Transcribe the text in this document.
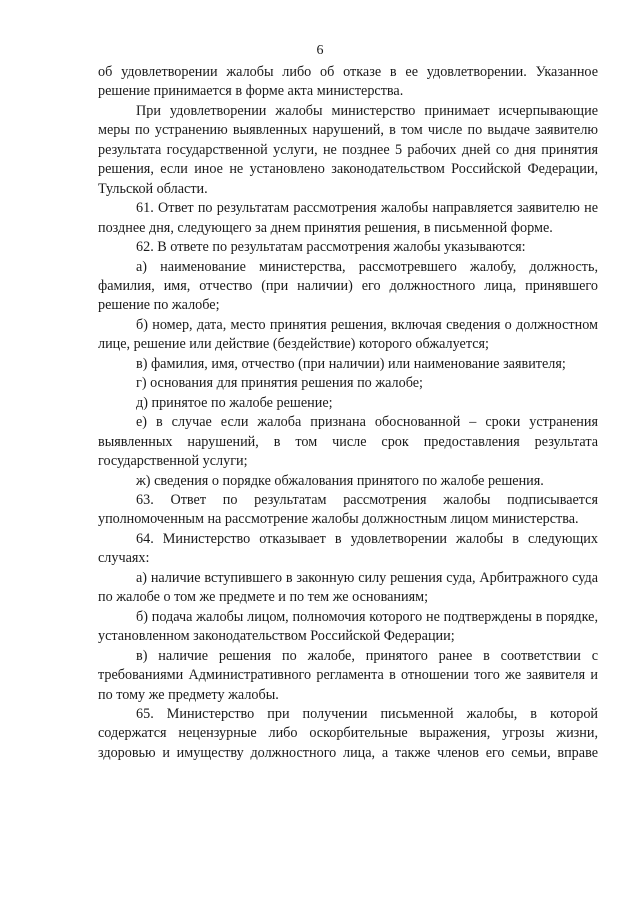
6

об удовлетворении жалобы либо об отказе в ее удовлетворении. Указанное решение принимается в форме акта министерства.

При удовлетворении жалобы министерство принимает исчерпывающие меры по устранению выявленных нарушений, в том числе по выдаче заявителю результата государственной услуги, не позднее 5 рабочих дней со дня принятия решения, если иное не установлено законодательством Российской Федерации, Тульской области.

61. Ответ по результатам рассмотрения жалобы направляется заявителю не позднее дня, следующего за днем принятия решения, в письменной форме.

62. В ответе по результатам рассмотрения жалобы указываются:

а) наименование министерства, рассмотревшего жалобу, должность, фамилия, имя, отчество (при наличии) его должностного лица, принявшего решение по жалобе;

б) номер, дата, место принятия решения, включая сведения о должностном лице, решение или действие (бездействие) которого обжалуется;

в) фамилия, имя, отчество (при наличии) или наименование заявителя;

г) основания для принятия решения по жалобе;

д) принятое по жалобе решение;

е) в случае если жалоба признана обоснованной – сроки устранения выявленных нарушений, в том числе срок предоставления результата государственной услуги;

ж) сведения о порядке обжалования принятого по жалобе решения.

63. Ответ по результатам рассмотрения жалобы подписывается уполномоченным на рассмотрение жалобы должностным лицом министерства.

64. Министерство отказывает в удовлетворении жалобы в следующих случаях:

а) наличие вступившего в законную силу решения суда, Арбитражного суда по жалобе о том же предмете и по тем же основаниям;

б) подача жалобы лицом, полномочия которого не подтверждены в порядке, установленном законодательством Российской Федерации;

в) наличие решения по жалобе, принятого ранее в соответствии с требованиями Административного регламента в отношении того же заявителя и по тому же предмету жалобы.

65. Министерство при получении письменной жалобы, в которой содержатся нецензурные либо оскорбительные выражения, угрозы жизни, здоровью и имуществу должностного лица, а также членов его семьи, вправе
